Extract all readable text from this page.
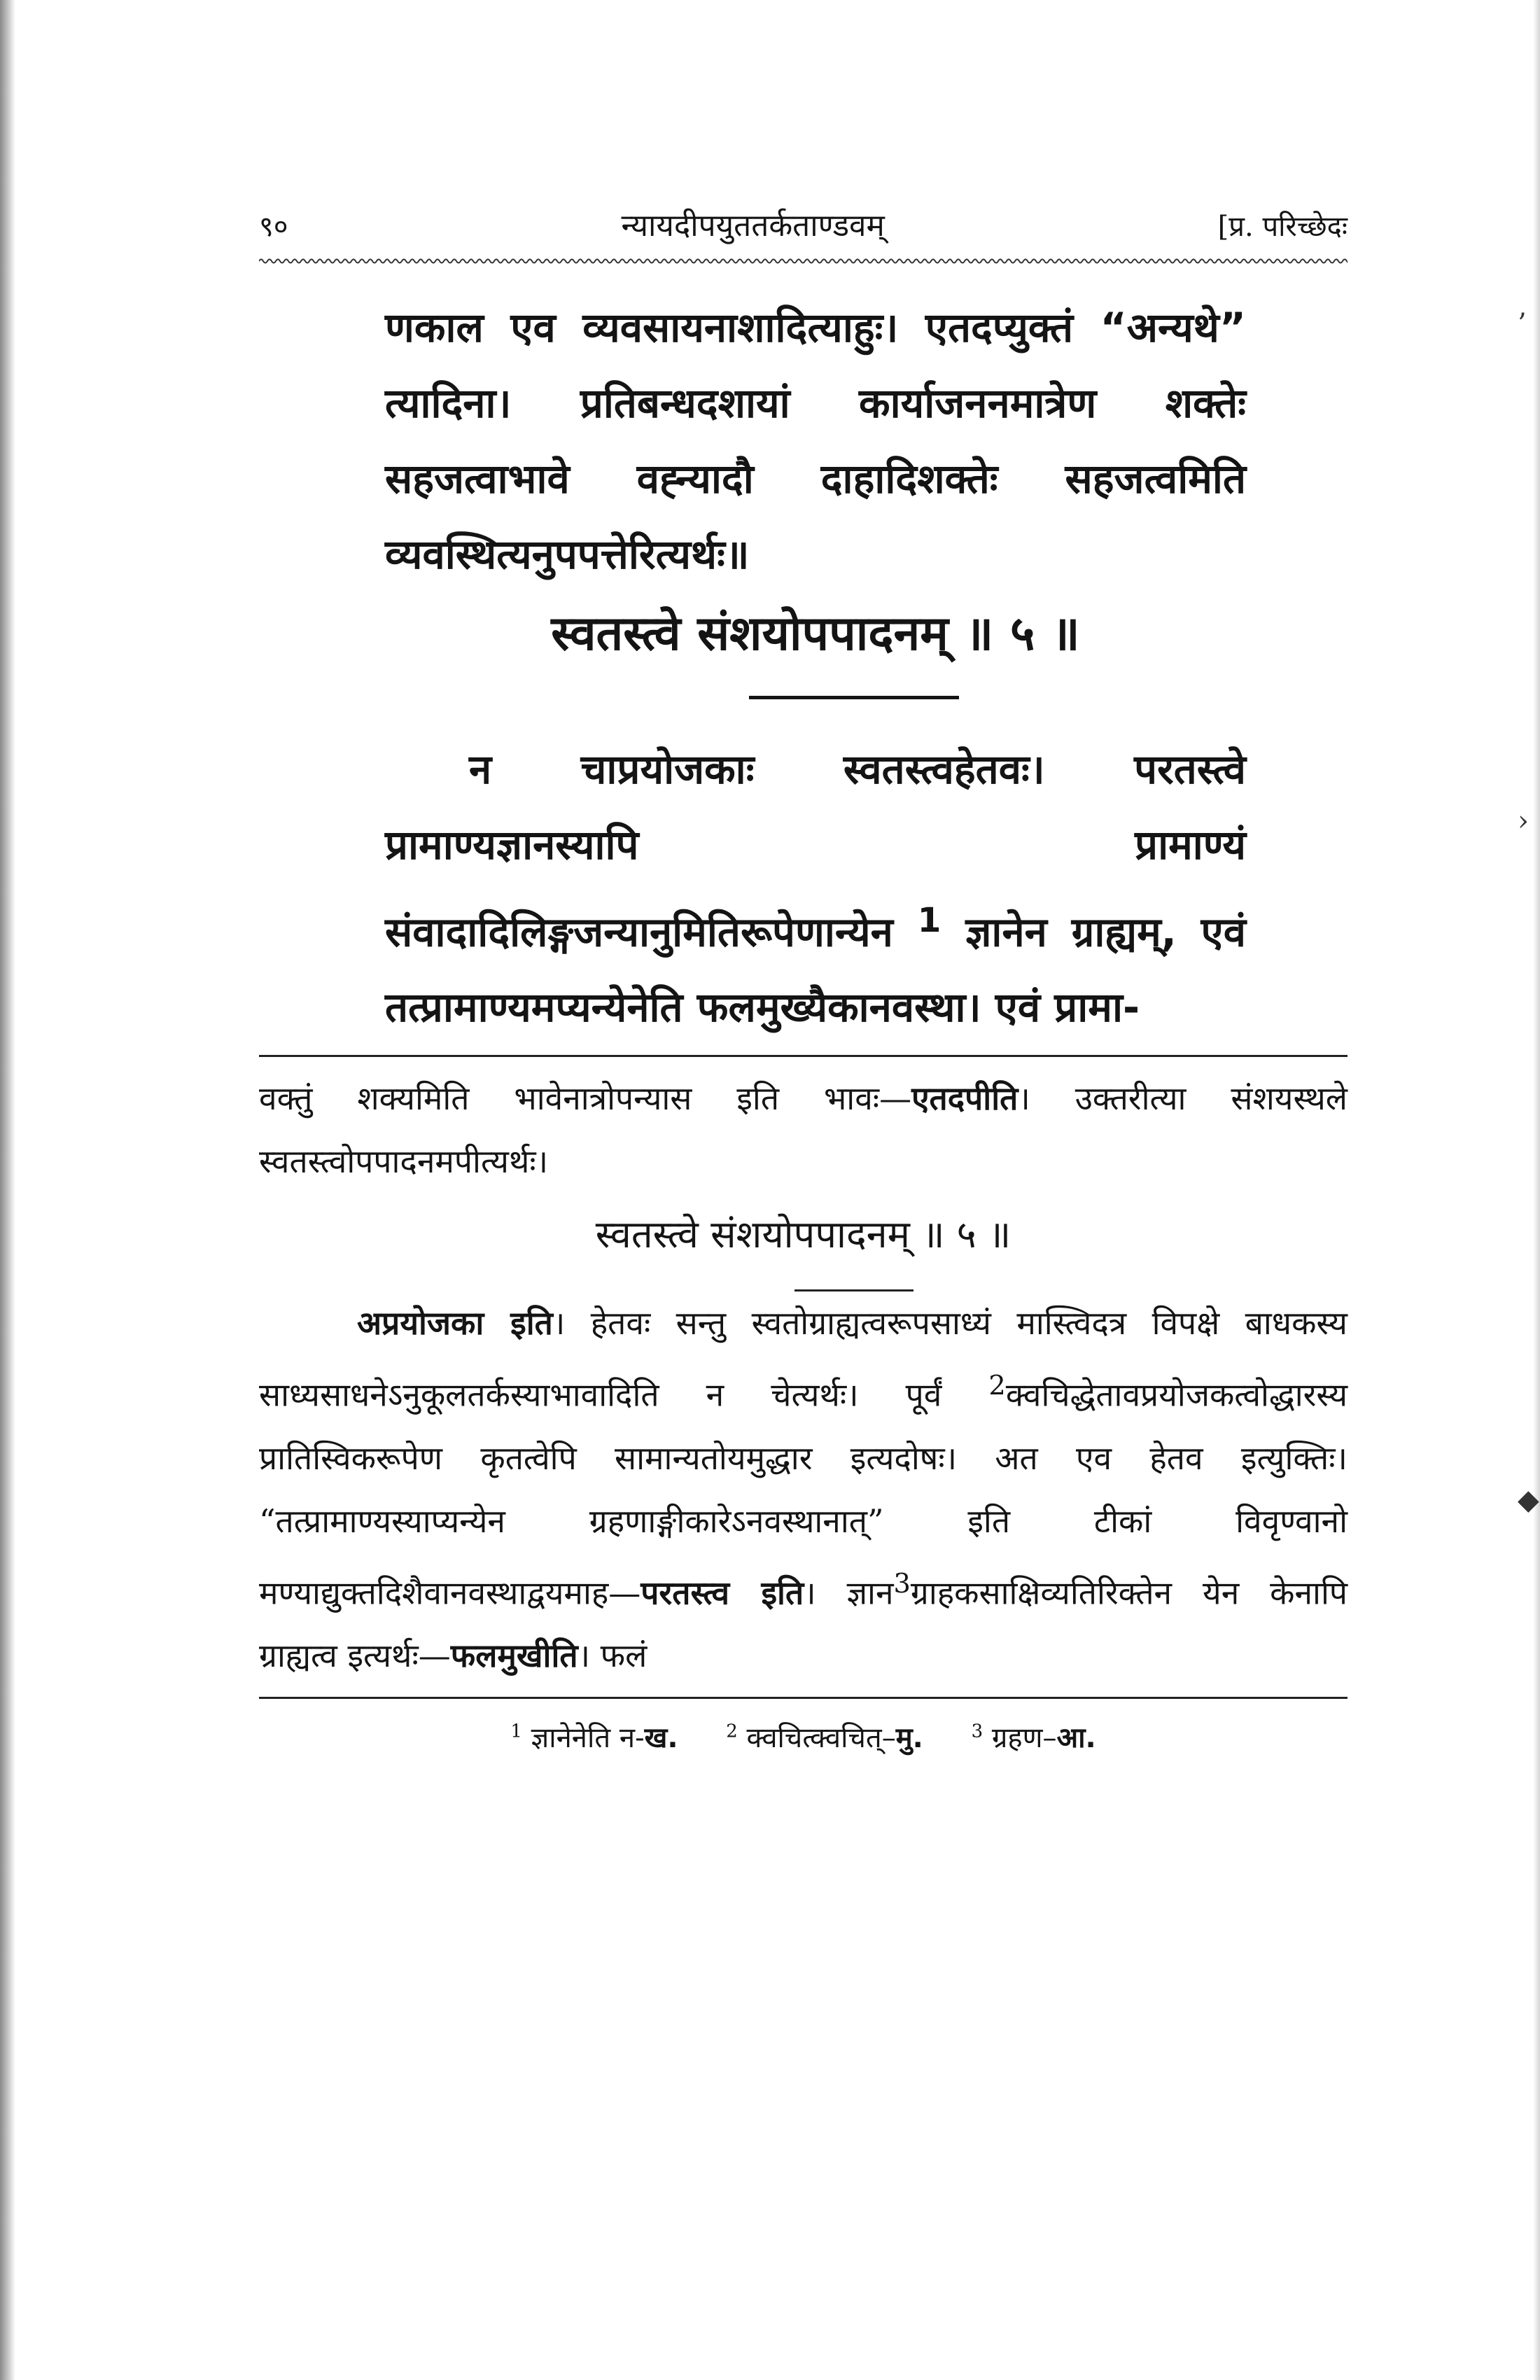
’
›
◆
९०	न्यायदीपयुततर्कताण्डवम्	[प्र. परिच्छेदः

णकाल एव व्यवसायनाशादित्याहुः। एतदप्युक्तं “अन्यथे” त्यादिना। प्रतिबन्धदशायां कार्याजननमात्रेण शक्तेः सहजत्वाभावे वह्न्यादौ दाहादिशक्तेः सहजत्वमिति व्यवस्थित्यनुपपत्तेरित्यर्थः॥

स्वतस्त्वे संशयोपपादनम् ॥ ५ ॥

न चाप्रयोजकाः स्वतस्त्वहेतवः। परतस्त्वे प्रामाण्यज्ञानस्यापि प्रामाण्यं संवादादिलिङ्गजन्यानुमितिरूपेणान्येन $^1$ ज्ञानेन ग्राह्यम्, एवं तत्प्रामाण्यमप्यन्येनेति फलमुख्यैकानवस्था। एवं प्रामा-

वक्तुं शक्यमिति भावेनात्रोपन्यास इति भावः—एतदपीति। उक्तरीत्या संशयस्थले स्वतस्त्वोपपादनमपीत्यर्थः।

स्वतस्त्वे संशयोपपादनम् ॥ ५ ॥

अप्रयोजका इति। हेतवः सन्तु स्वतोग्राह्यत्वरूपसाध्यं मास्त्विदत्र विपक्षे बाधकस्य साध्यसाधनेऽनुकूलतर्कस्याभावादिति न चेत्यर्थः। पूर्वं $^2$क्वचिद्धेतावप्रयोजकत्वोद्धारस्य प्रातिस्विकरूपेण कृतत्वेपि सामान्यतोयमुद्धार इत्यदोषः। अत एव हेतव इत्युक्तिः। “तत्प्रामाण्यस्याप्यन्येन ग्रहणाङ्गीकारेऽनवस्थानात्” इति टीकां विवृण्वानो मण्याद्युक्तदिशैवानवस्थाद्वयमाह—परतस्त्व इति। ज्ञान$^3$ग्राहकसाक्षिव्यतिरिक्तेन येन केनापि ग्राह्यत्व इत्यर्थः—फलमुखीति। फलं

$^1$ ज्ञानेनेति न-ख.	$^2$ क्वचित्क्वचित्–मु.	$^3$ ग्रहण–आ.
